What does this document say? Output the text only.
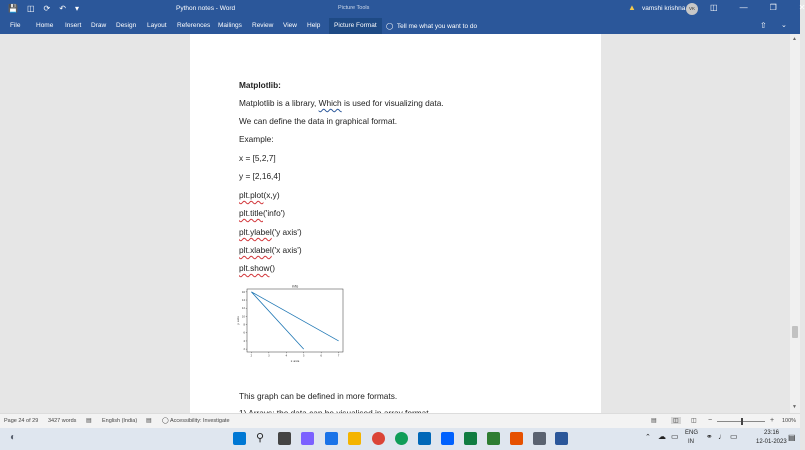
💾 ◫ ⟳ ↶ ▾	Python notes - Word	Picture Tools	▲ vamshi krishna VK	◫	—	❐	✕
File Home Insert Draw Design Layout References Mailings Review View Help	Picture Format	◯ Tell me what you want to do	⇧ ⌄
Matplotlib:
Matplotlib is a library, Which is used for visualizing data.
We can define the data in graphical format.
Example:
x = [5,2,7]
y = [2,16,4]
plt.plot(x,y)
plt.title('info')
plt.ylabel('y axis')
plt.xlabel('x axis')
plt.show()
info
x axis
y axis
2	3	4	5	6	7
2
4
6
8
10
12
14
16
This graph can be defined in more formats.
▲
▼
Page 24 of 29 3427 words ▤ English (India) ▤ ◯ Accessibility: Investigate	▤	◫	◫ −	+ 100%
◐	⚲	⌃ ☁ ▭ ENG
IN
⚭ ♩ ▭	23:16
12-01-2023 ▤
